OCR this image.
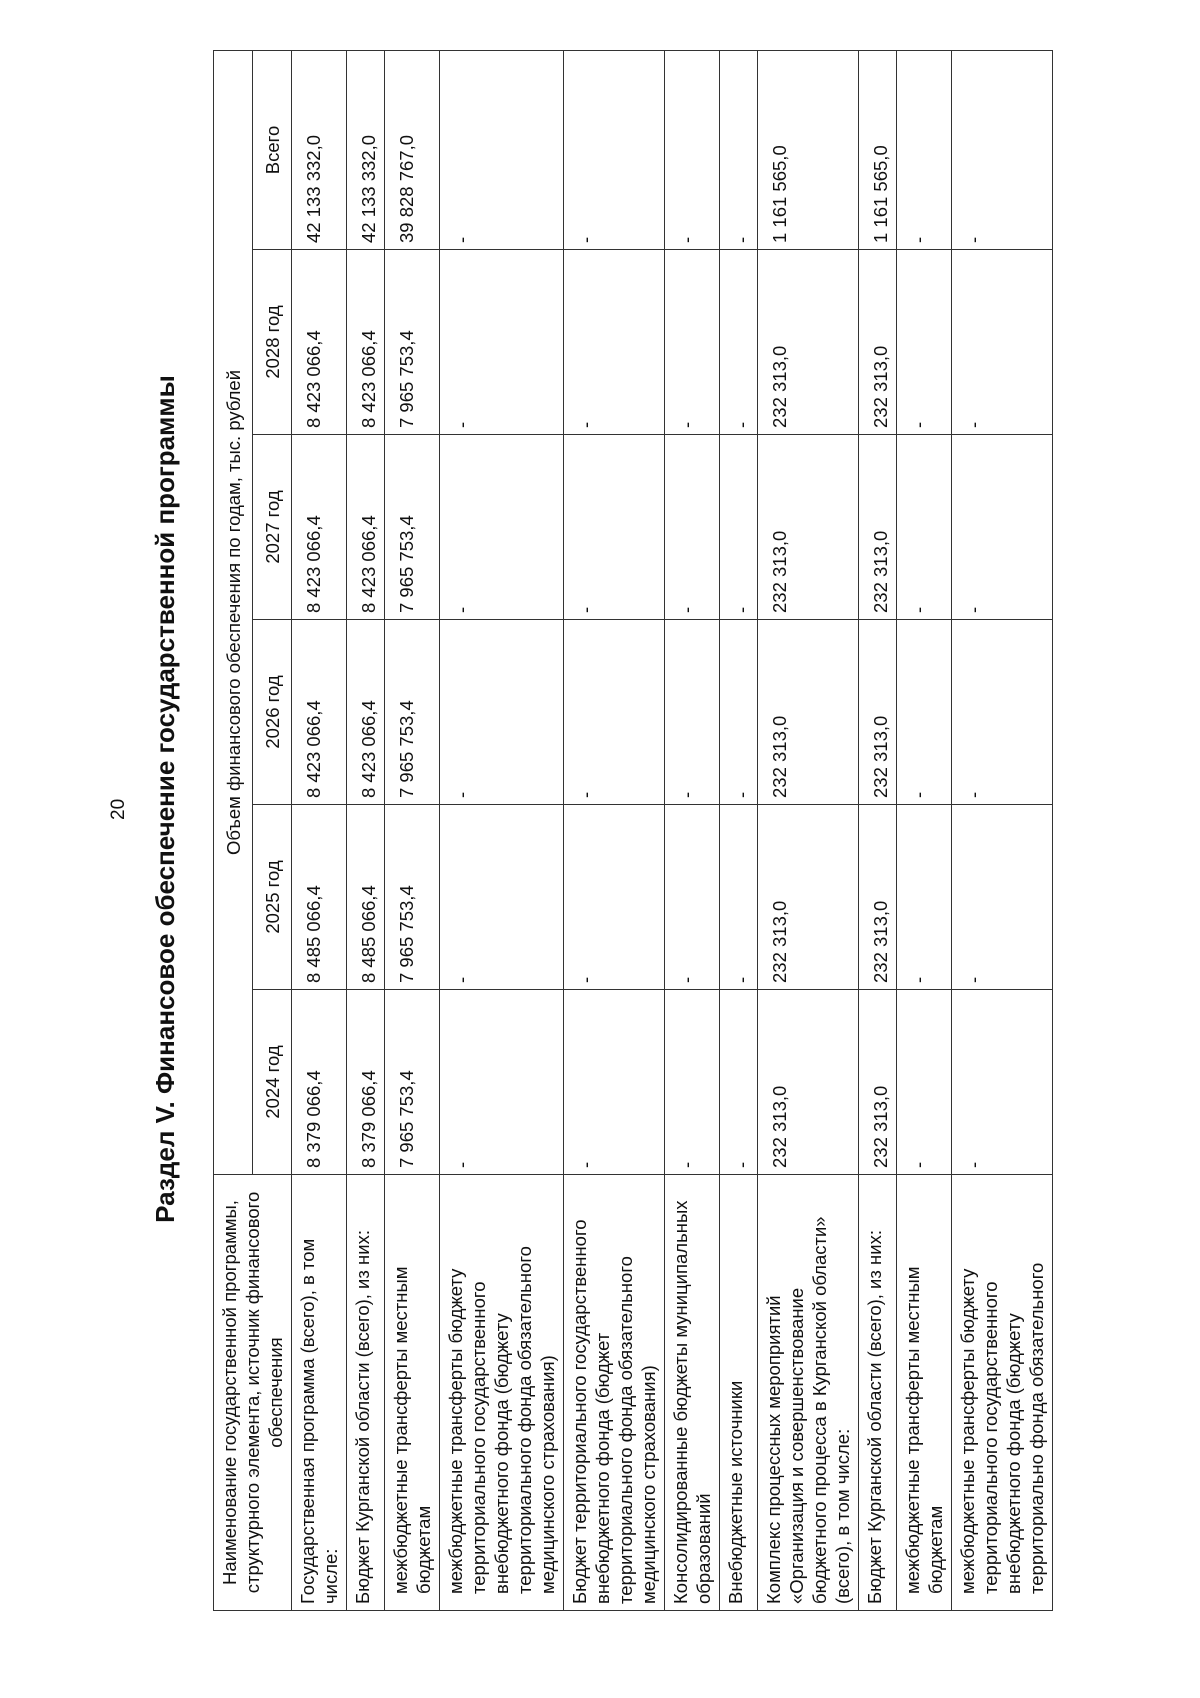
20 Раздел V. Финансовое обеспечение государственной программы
Наименование государственной программы, структурного элемента, источник финансового обеспечения	Объем финансового обеспечения по годам, тыс. рублей					
	2024 год	2025 год	2026 год	2027 год	2028 год	Всего
Государственная программа (всего), в том числе:	8 379 066,4	8 485 066,4	8 423 066,4	8 423 066,4	8 423 066,4	42 133 332,0
Бюджет Курганской области (всего), из них:	8 379 066,4	8 485 066,4	8 423 066,4	8 423 066,4	8 423 066,4	42 133 332,0
межбюджетные трансферты местным бюджетам	7 965 753,4	7 965 753,4	7 965 753,4	7 965 753,4	7 965 753,4	39 828 767,0
межбюджетные трансферты бюджету территориального государственного внебюджетного фонда (бюджету территориального фонда обязательного медицинского страхования)	-	-	-	-	-	-
Бюджет территориального государственного внебюджетного фонда (бюджет территориального фонда обязательного медицинского страхования)	-	-	-	-	-	-
Консолидированные бюджеты муниципальных образований	-	-	-	-	-	-
Внебюджетные источники	-	-	-	-	-	-
Комплекс процессных мероприятий «Организация и совершенствование бюджетного процесса в Курганской области» (всего), в том числе:	232 313,0	232 313,0	232 313,0	232 313,0	232 313,0	1 161 565,0
Бюджет Курганской области (всего), из них:	232 313,0	232 313,0	232 313,0	232 313,0	232 313,0	1 161 565,0
межбюджетные трансферты местным бюджетам	-	-	-	-	-	-
межбюджетные трансферты бюджету территориального государственного внебюджетного фонда (бюджету территориально фонда обязательного	-	-	-	-	-	-
